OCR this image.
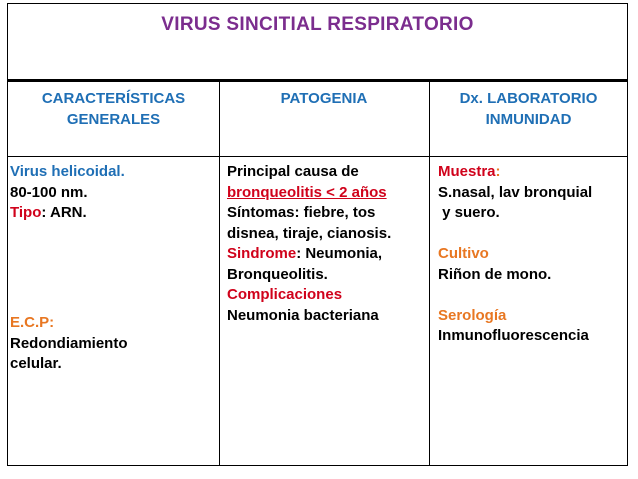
VIRUS SINCITIAL RESPIRATORIO
CARACTERÍSTICAS
GENERALES
PATOGENIA	Dx. LABORATORIO
INMUNIDAD
Virus helicoidal.
80-100 nm.
Tipo: ARN.
E.C.P:
Redondiamiento
celular.
Principal causa de
bronqueolitis < 2 años
Síntomas: fiebre, tos
disnea, tiraje, cianosis.
Sindrome: Neumonia,
Bronqueolitis.
Complicaciones
Neumonia bacteriana
Muestra:
S.nasal, lav bronquial
y suero.

Cultivo
Riñon de mono.

Serología
Inmunofluorescencia
